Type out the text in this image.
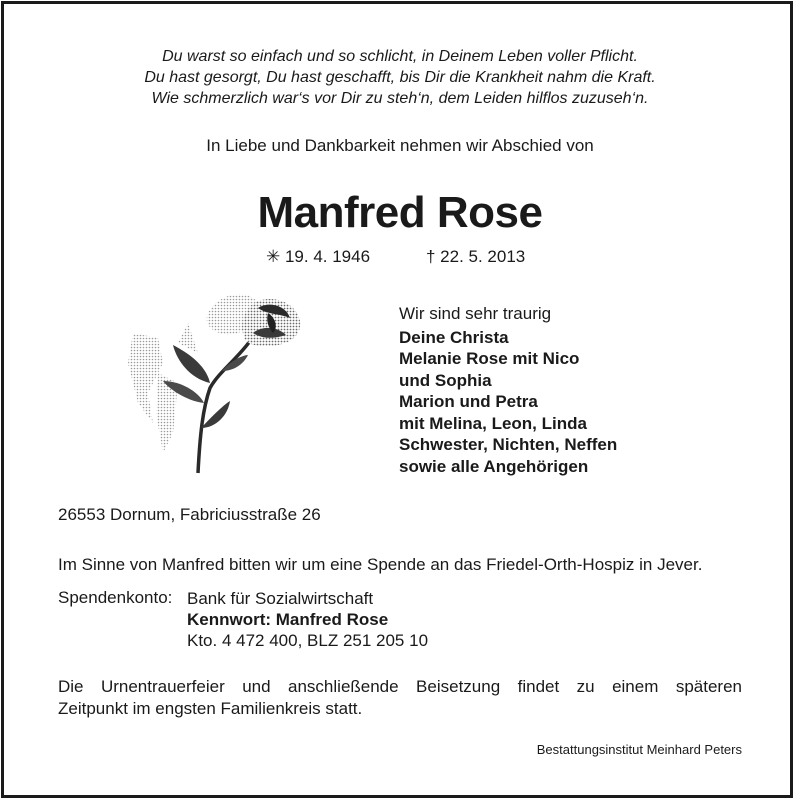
Du warst so einfach und so schlicht, in Deinem Leben voller Pflicht.
Du hast gesorgt, Du hast geschafft, bis Dir die Krankheit nahm die Kraft.
Wie schmerzlich war‘s vor Dir zu steh‘n, dem Leiden hilflos zuzuseh‘n.
In Liebe und Dankbarkeit nehmen wir Abschied von
Manfred Rose
✳ 19. 4. 1946	† 22. 5. 2013
Wir sind sehr traurig
Deine Christa
Melanie Rose mit Nico
und Sophia
Marion und Petra
mit Melina, Leon, Linda
Schwester, Nichten, Neffen
sowie alle Angehörigen
26553 Dornum, Fabriciusstraße 26
Im Sinne von Manfred bitten wir um eine Spende an das Friedel-Orth-Hospiz in Jever.
Spendenkonto: Bank für Sozialwirtschaft
Kennwort: Manfred Rose
Kto. 4 472 400, BLZ 251 205 10
Die Urnentrauerfeier und anschließende Beisetzung findet zu einem späteren
Zeitpunkt im engsten Familienkreis statt.
Bestattungsinstitut Meinhard Peters
